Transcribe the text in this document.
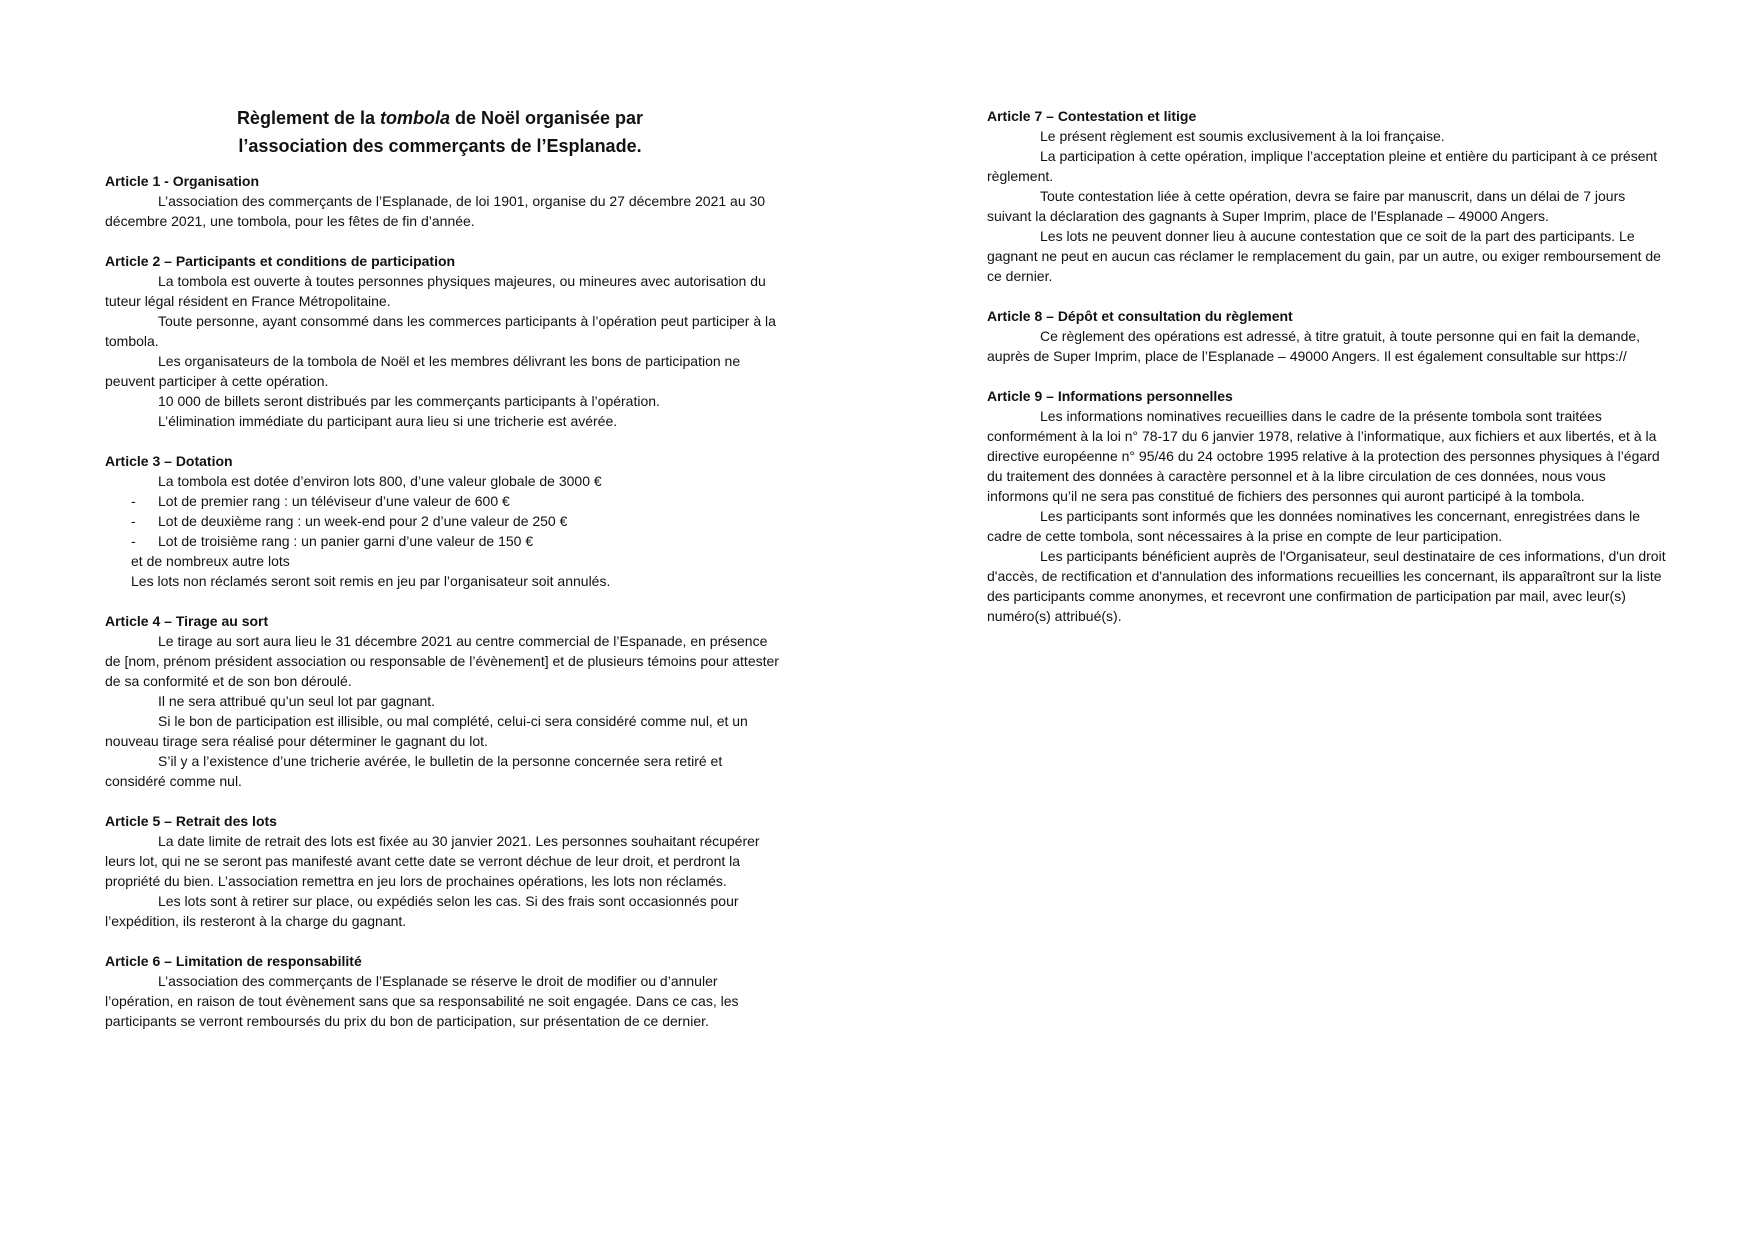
Règlement de la tombola de Noël organisée par
l’association des commerçants de l’Esplanade.

Article 1 - Organisation

L’association des commerçants de l’Esplanade, de loi 1901, organise du 27 décembre 2021 au 30 décembre 2021, une tombola, pour les fêtes de fin d’année.

Article 2 – Participants et conditions de participation

La tombola est ouverte à toutes personnes physiques majeures, ou mineures avec autorisation du tuteur légal résident en France Métropolitaine.

Toute personne, ayant consommé dans les commerces participants à l’opération peut participer à la tombola.

Les organisateurs de la tombola de Noël et les membres délivrant les bons de participation ne peuvent participer à cette opération.

10 000 de billets seront distribués par les commerçants participants à l’opération.

L’élimination immédiate du participant aura lieu si une tricherie est avérée.

Article 3 – Dotation

La tombola est dotée d’environ lots 800, d’une valeur globale de 3000 €

- Lot de premier rang : un téléviseur d’une valeur de 600 €
- Lot de deuxième rang : un week-end pour 2 d’une valeur de 250 €
- Lot de troisième rang : un panier garni d’une valeur de 150 €

et de nombreux autre lots

Les lots non réclamés seront soit remis en jeu par l’organisateur soit annulés.

Article 4 – Tirage au sort

Le tirage au sort aura lieu le 31 décembre 2021 au centre commercial de l’Espanade, en présence de [nom, prénom président association ou responsable de l’évènement] et de plusieurs témoins pour attester de sa conformité et de son bon déroulé.

Il ne sera attribué qu’un seul lot par gagnant.

Si le bon de participation est illisible, ou mal complété, celui-ci sera considéré comme nul, et un nouveau tirage sera réalisé pour déterminer le gagnant du lot.

S’il y a l’existence d’une tricherie avérée, le bulletin de la personne concernée sera retiré et considéré comme nul.

Article 5 – Retrait des lots

La date limite de retrait des lots est fixée au 30 janvier 2021. Les personnes souhaitant récupérer leurs lot, qui ne se seront pas manifesté avant cette date se verront déchue de leur droit, et perdront la propriété du bien. L’association remettra en jeu lors de prochaines opérations, les lots non réclamés.

Les lots sont à retirer sur place, ou expédiés selon les cas. Si des frais sont occasionnés pour l’expédition, ils resteront à la charge du gagnant.

Article 6 – Limitation de responsabilité

L’association des commerçants de l’Esplanade se réserve le droit de modifier ou d’annuler l’opération, en raison de tout évènement sans que sa responsabilité ne soit engagée. Dans ce cas, les participants se verront remboursés du prix du bon de participation, sur présentation de ce dernier.

Article 7 – Contestation et litige

Le présent règlement est soumis exclusivement à la loi française.

La participation à cette opération, implique l’acceptation pleine et entière du participant à ce présent règlement.

Toute contestation liée à cette opération, devra se faire par manuscrit, dans un délai de 7 jours suivant la déclaration des gagnants à Super Imprim, place de l’Esplanade – 49000 Angers.

Les lots ne peuvent donner lieu à aucune contestation que ce soit de la part des participants. Le gagnant ne peut en aucun cas réclamer le remplacement du gain, par un autre, ou exiger remboursement de ce dernier.

Article 8 – Dépôt et consultation du règlement

Ce règlement des opérations est adressé, à titre gratuit, à toute personne qui en fait la demande, auprès de Super Imprim, place de l’Esplanade – 49000 Angers. Il est également consultable sur https://

Article 9 – Informations personnelles

Les informations nominatives recueillies dans le cadre de la présente tombola sont traitées conformément à la loi n° 78-17 du 6 janvier 1978, relative à l’informatique, aux fichiers et aux libertés, et à la directive européenne n° 95/46 du 24 octobre 1995 relative à la protection des personnes physiques à l’égard du traitement des données à caractère personnel et à la libre circulation de ces données, nous vous informons qu’il ne sera pas constitué de fichiers des personnes qui auront participé à la tombola.

Les participants sont informés que les données nominatives les concernant, enregistrées dans le cadre de cette tombola, sont nécessaires à la prise en compte de leur participation.

Les participants bénéficient auprès de l'Organisateur, seul destinataire de ces informations, d'un droit d'accès, de rectification et d'annulation des informations recueillies les concernant, ils apparaîtront sur la liste des participants comme anonymes, et recevront une confirmation de participation par mail, avec leur(s) numéro(s) attribué(s).
